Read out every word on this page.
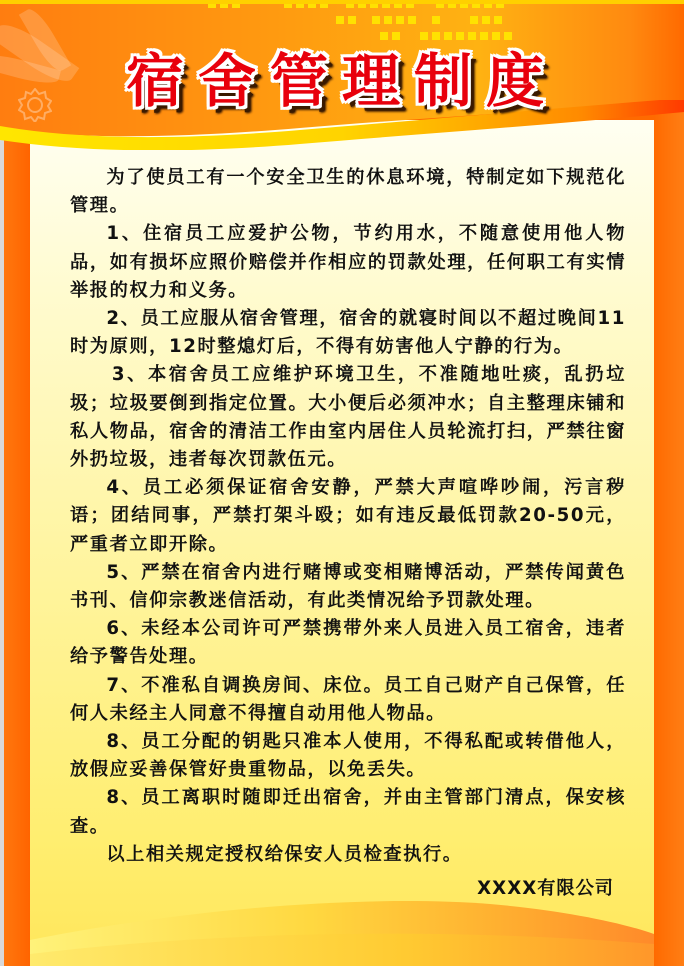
宿舍管理制度

为了使员工有一个安全卫生的休息环境，特制定如下规范化管理。

1、住宿员工应爱护公物，节约用水，不随意使用他人物品，如有损坏应照价赔偿并作相应的罚款处理，任何职工有实情举报的权力和义务。

2、员工应服从宿舍管理，宿舍的就寝时间以不超过晚间11时为原则，12时整熄灯后，不得有妨害他人宁静的行为。

3、本宿舍员工应维护环境卫生，不准随地吐痰，乱扔垃圾；垃圾要倒到指定位置。大小便后必须冲水；自主整理床铺和私人物品，宿舍的清洁工作由室内居住人员轮流打扫，严禁往窗外扔垃圾，违者每次罚款伍元。

4、员工必须保证宿舍安静，严禁大声喧哗吵闹，污言秽语；团结同事，严禁打架斗殴；如有违反最低罚款20-50元，严重者立即开除。

5、严禁在宿舍内进行赌博或变相赌博活动，严禁传闻黄色书刊、信仰宗教迷信活动，有此类情况给予罚款处理。

6、未经本公司许可严禁携带外来人员进入员工宿舍，违者给予警告处理。

7、不准私自调换房间、床位。员工自己财产自己保管，任何人未经主人同意不得擅自动用他人物品。

8、员工分配的钥匙只准本人使用，不得私配或转借他人，放假应妥善保管好贵重物品，以免丢失。

8、员工离职时随即迁出宿舍，并由主管部门清点，保安核查。

以上相关规定授权给保安人员检查执行。

XXXX有限公司
